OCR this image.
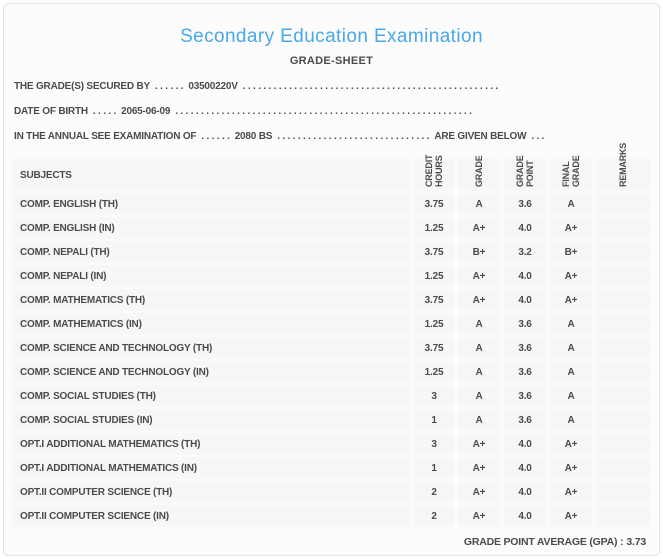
Secondary Education Examination
GRADE-SHEET
THE GRADE(S) SECURED BY . . . . . . 03500220V . . . . . . . . . . . . . . . . . . . . . . . . . . . . . . . . . . . . . . . . . . . . . . . . . .
DATE OF BIRTH . . . . . 2065-06-09 . . . . . . . . . . . . . . . . . . . . . . . . . . . . . . . . . . . . . . . . . . . . . . . . . . . . . . . . . .
IN THE ANNUAL SEE EXAMINATION OF . . . . . . 2080 BS . . . . . . . . . . . . . . . . . . . . . . . . . . . . . . ARE GIVEN BELOW . . .
SUBJECTS	CREDIT HOURS	GRADE	GRADE POINT	FINAL GRADE	REMARKS

COMP. ENGLISH (TH)	3.75	A	3.6	A	
COMP. ENGLISH (IN)	1.25	A+	4.0	A+	
COMP. NEPALI (TH)	3.75	B+	3.2	B+	
COMP. NEPALI (IN)	1.25	A+	4.0	A+	
COMP. MATHEMATICS (TH)	3.75	A+	4.0	A+	
COMP. MATHEMATICS (IN)	1.25	A	3.6	A	
COMP. SCIENCE AND TECHNOLOGY (TH)	3.75	A	3.6	A	
COMP. SCIENCE AND TECHNOLOGY (IN)	1.25	A	3.6	A	
COMP. SOCIAL STUDIES (TH)	3	A	3.6	A	
COMP. SOCIAL STUDIES (IN)	1	A	3.6	A	
OPT.I ADDITIONAL MATHEMATICS (TH)	3	A+	4.0	A+	
OPT.I ADDITIONAL MATHEMATICS (IN)	1	A+	4.0	A+	
OPT.II COMPUTER SCIENCE (TH)	2	A+	4.0	A+	
OPT.II COMPUTER SCIENCE (IN)	2	A+	4.0	A+	
GRADE POINT AVERAGE (GPA) : 3.73
